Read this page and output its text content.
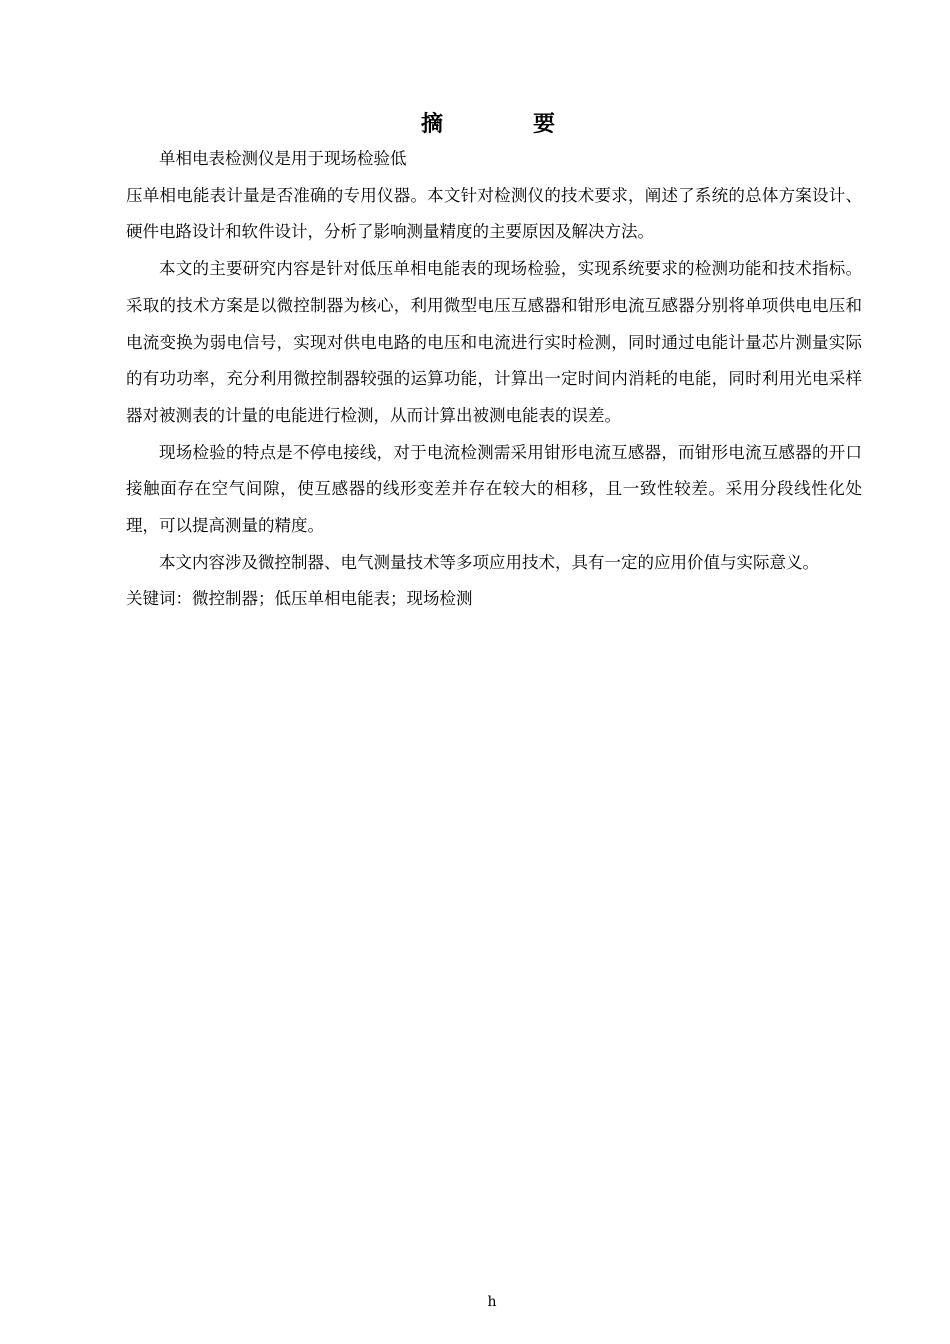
摘　要

单相电表检测仪是用于现场检验低
压单相电能表计量是否准确的专用仪器。本文针对检测仪的技术要求，阐述了系统的总体方案设计、硬件电路设计和软件设计，分析了影响测量精度的主要原因及解决方法。

本文的主要研究内容是针对低压单相电能表的现场检验，实现系统要求的检测功能和技术指标。采取的技术方案是以微控制器为核心，利用微型电压互感器和钳形电流互感器分别将单项供电电压和电流变换为弱电信号，实现对供电电路的电压和电流进行实时检测，同时通过电能计量芯片测量实际的有功功率，充分利用微控制器较强的运算功能，计算出一定时间内消耗的电能，同时利用光电采样器对被测表的计量的电能进行检测，从而计算出被测电能表的误差。

现场检验的特点是不停电接线，对于电流检测需采用钳形电流互感器，而钳形电流互感器的开口接触面存在空气间隙，使互感器的线形变差并存在较大的相移，且一致性较差。采用分段线性化处理，可以提高测量的精度。

本文内容涉及微控制器、电气测量技术等多项应用技术，具有一定的应用价值与实际意义。

关键词：微控制器；低压单相电能表；现场检测

h
